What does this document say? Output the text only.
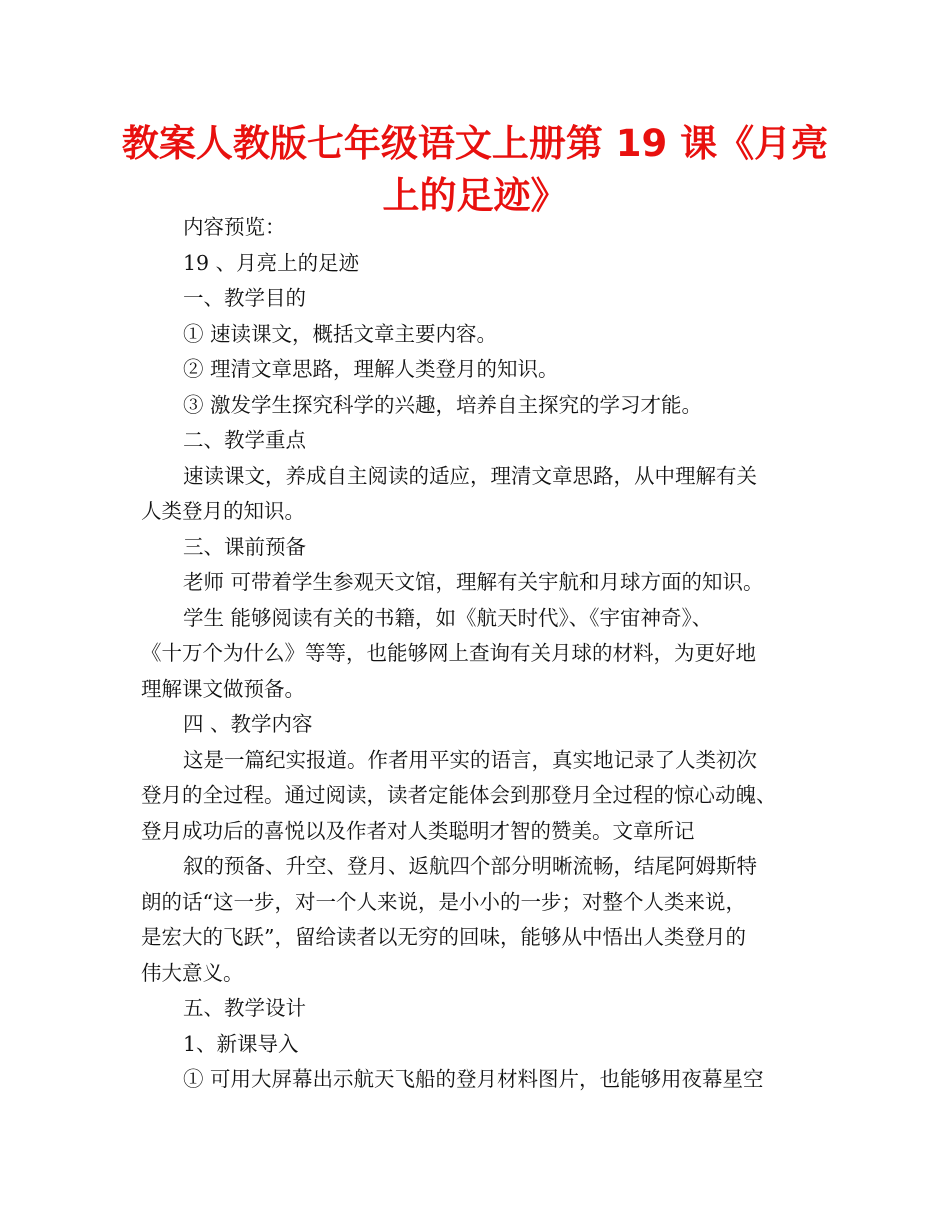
教案人教版七年级语文上册第 19 课《月亮
上的足迹》
内容预览：
19 、月亮上的足迹
一、教学目的
① 速读课文，概括文章主要内容。
② 理清文章思路，理解人类登月的知识。
③ 激发学生探究科学的兴趣，培养自主探究的学习才能。
二、教学重点
速读课文，养成自主阅读的适应，理清文章思路，从中理解有关
人类登月的知识。
三、课前预备
老师 可带着学生参观天文馆，理解有关宇航和月球方面的知识。
学生 能够阅读有关的书籍，如《航天时代》、《宇宙神奇》、
《十万个为什么》等等，也能够网上查询有关月球的材料，为更好地
理解课文做预备。
四 、教学内容
这是一篇纪实报道。作者用平实的语言，真实地记录了人类初次
登月的全过程。通过阅读，读者定能体会到那登月全过程的惊心动魄、
登月成功后的喜悦以及作者对人类聪明才智的赞美。文章所记
叙的预备、升空、登月、返航四个部分明晰流畅，结尾阿姆斯特
朗的话“这一步，对一个人来说，是小小的一步；对整个人类来说，
是宏大的飞跃”，留给读者以无穷的回味，能够从中悟出人类登月的
伟大意义。
五、教学设计
1、新课导入
① 可用大屏幕出示航天飞船的登月材料图片，也能够用夜幕星空
